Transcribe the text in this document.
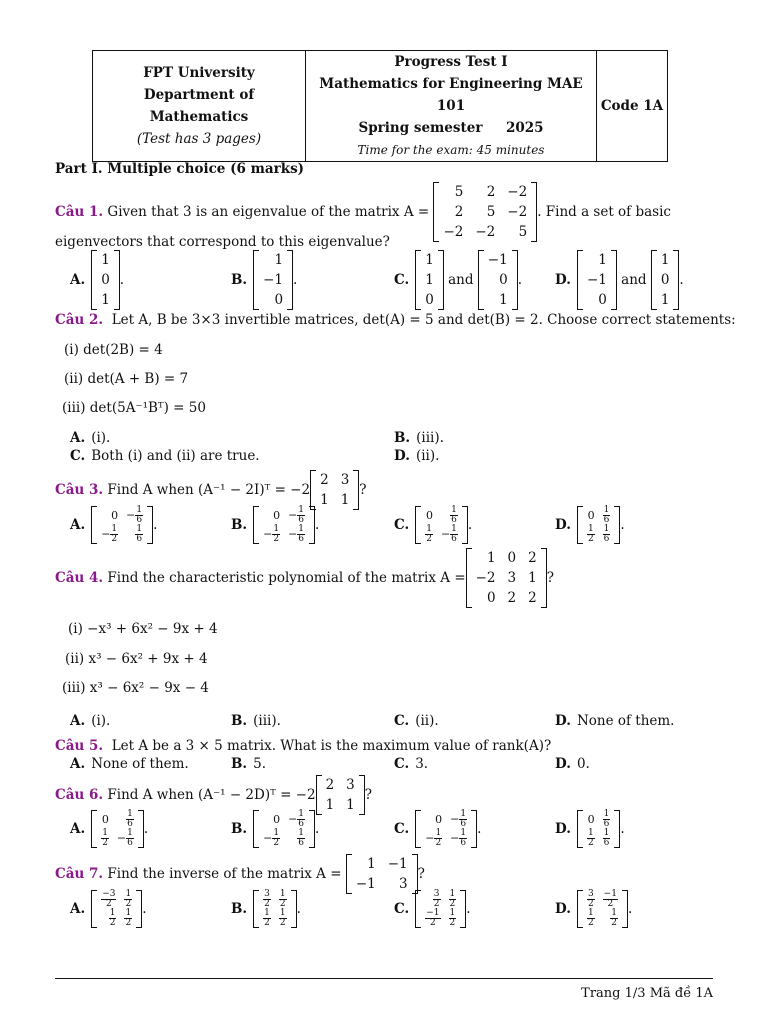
FPT University
Department of Mathematics
(Test has 3 pages)

Progress Test I
Mathematics for Engineering MAE 101
Spring semester 2025
Time for the exam: 45 minutes
	Code 1A
Part I. Multiple choice (6 marks)
Câu 1.
Given that 3 is an eigenvalue of the matrix A =

5 2 −2
2 5 −2
−2 −2 5
. Find a set of basic
eigenvectors that correspond to this eigenvalue?
A.
1
0
1
.	B.
1
−1
0
.	C.
1
1
0

and

−1
0
1
. D.
1
−1
0

and

1
0
1
.
Câu 2. Let A, B be 3×3 invertible matrices, det(A) = 5 and det(B) = 2. Choose correct statements:
(i) det(2B) = 4
(ii) det(A + B) = 7
(iii) det(5A⁻¹Bᵀ) = 50
A. (i).	B. (iii).
C. Both (i) and (ii) are true.	D. (ii).
Câu 3.
Find A when (A⁻¹ − 2I)ᵀ = −2
2 3
1 1
?
A.
$0 - \frac{1}{6}$
− $\frac{1}{2} \frac{1}{6}$ .	B.
$0 - \frac{1}{6}$
− $\frac{1}{2} - \frac{1}{6}$ .	C.
$0 \frac{1}{6}$
$\frac{1}{2} - \frac{1}{6}$ .	D.
$0 \frac{1}{6}$
$\frac{1}{2} \frac{1}{6}$ .
Câu 4.
Find the characteristic polynomial of the matrix A =
1 0 2
−2 3 1
0 2 2
?
(i) −x³ + 6x² − 9x + 4
(ii) x³ − 6x² + 9x + 4
(iii) x³ − 6x² − 9x − 4
A. (i).	B. (iii).	C. (ii).	D. None of them.
Câu 5. Let A be a 3 × 5 matrix. What is the maximum value of rank(A)?
A. None of them.	B. 5.	C. 3.	D. 0.
Câu 6.
Find A when (A⁻¹ − 2D)ᵀ = −2
2 3
1 1
?
A.
$0 \frac{1}{6}$
$\frac{1}{2} - \frac{1}{6}$ .	B.
$0 - \frac{1}{6}$
− $\frac{1}{2} \frac{1}{6}$ .	C.
$0 - \frac{1}{6}$
− $\frac{1}{2} - \frac{1}{6}$ .	D.
$0 \frac{1}{6}$
$\frac{1}{2} \frac{1}{6}$ .
Câu 7.
Find the inverse of the matrix A =

1 −1
−1 3
?
A. $\frac{-3}{2} \frac{1}{2}$
$\frac{1}{2} \frac{1}{2}$ .	B. $\frac{3}{2} \frac{1}{2}$
$\frac{1}{2} \frac{1}{2}$ .	C.	$\frac{3}{2} \frac{1}{2}$
$\frac{-1}{2} \frac{1}{2}$ .	D. $\frac{3}{2} \frac{-1}{2}$
$\frac{1}{2} \frac{1}{2}$ .
Trang 1/3 Mã đề 1A
